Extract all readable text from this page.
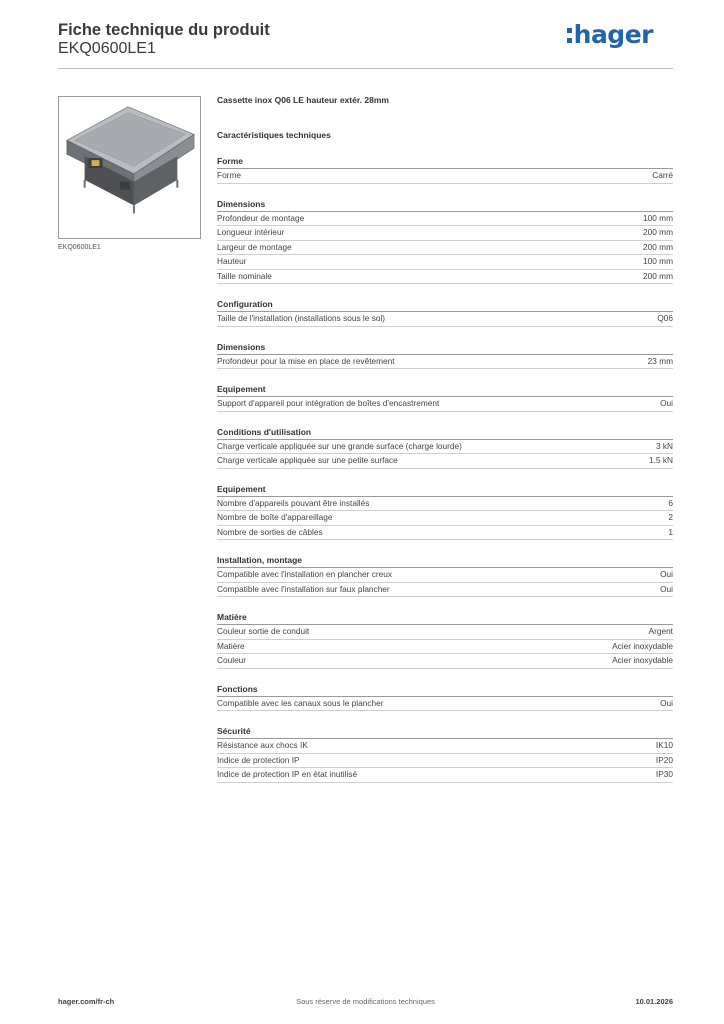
Fiche technique du produit
EKQ0600LE1	hager
EKQ0600LE1
Cassette inox Q06 LE hauteur extér. 28mm
Caractéristiques techniques
Forme
Forme	Carré
Dimensions
Profondeur de montage	100 mm
Longueur intérieur	200 mm
Largeur de montage	200 mm
Hauteur	100 mm
Taille nominale	200 mm
Configuration
Taille de l'installation (installations sous le sol)	Q06
Dimensions
Profondeur pour la mise en place de revêtement	23 mm
Equipement
Support d'appareil pour intégration de boîtes d'encastrement	Oui
Conditions d'utilisation
Charge verticale appliquée sur une grande surface (charge lourde)	3 kN
Charge verticale appliquée sur une petite surface	1.5 kN
Equipement
Nombre d'appareils pouvant être installés	6
Nombre de boîte d'appareillage	2
Nombre de sorties de câbles	1
Installation, montage
Compatible avec l'installation en plancher creux	Oui
Compatible avec l'installation sur faux plancher	Oui
Matière
Couleur sortie de conduit	Argent
Matière	Acier inoxydable
Couleur	Acier inoxydable
Fonctions
Compatible avec les canaux sous le plancher	Oui
Sécurité
Résistance aux chocs IK	IK10
Indice de protection IP	IP20
Indice de protection IP en état inutilisé	IP30
hager.com/fr-ch	Sous réserve de modifications techniques	10.01.2026
